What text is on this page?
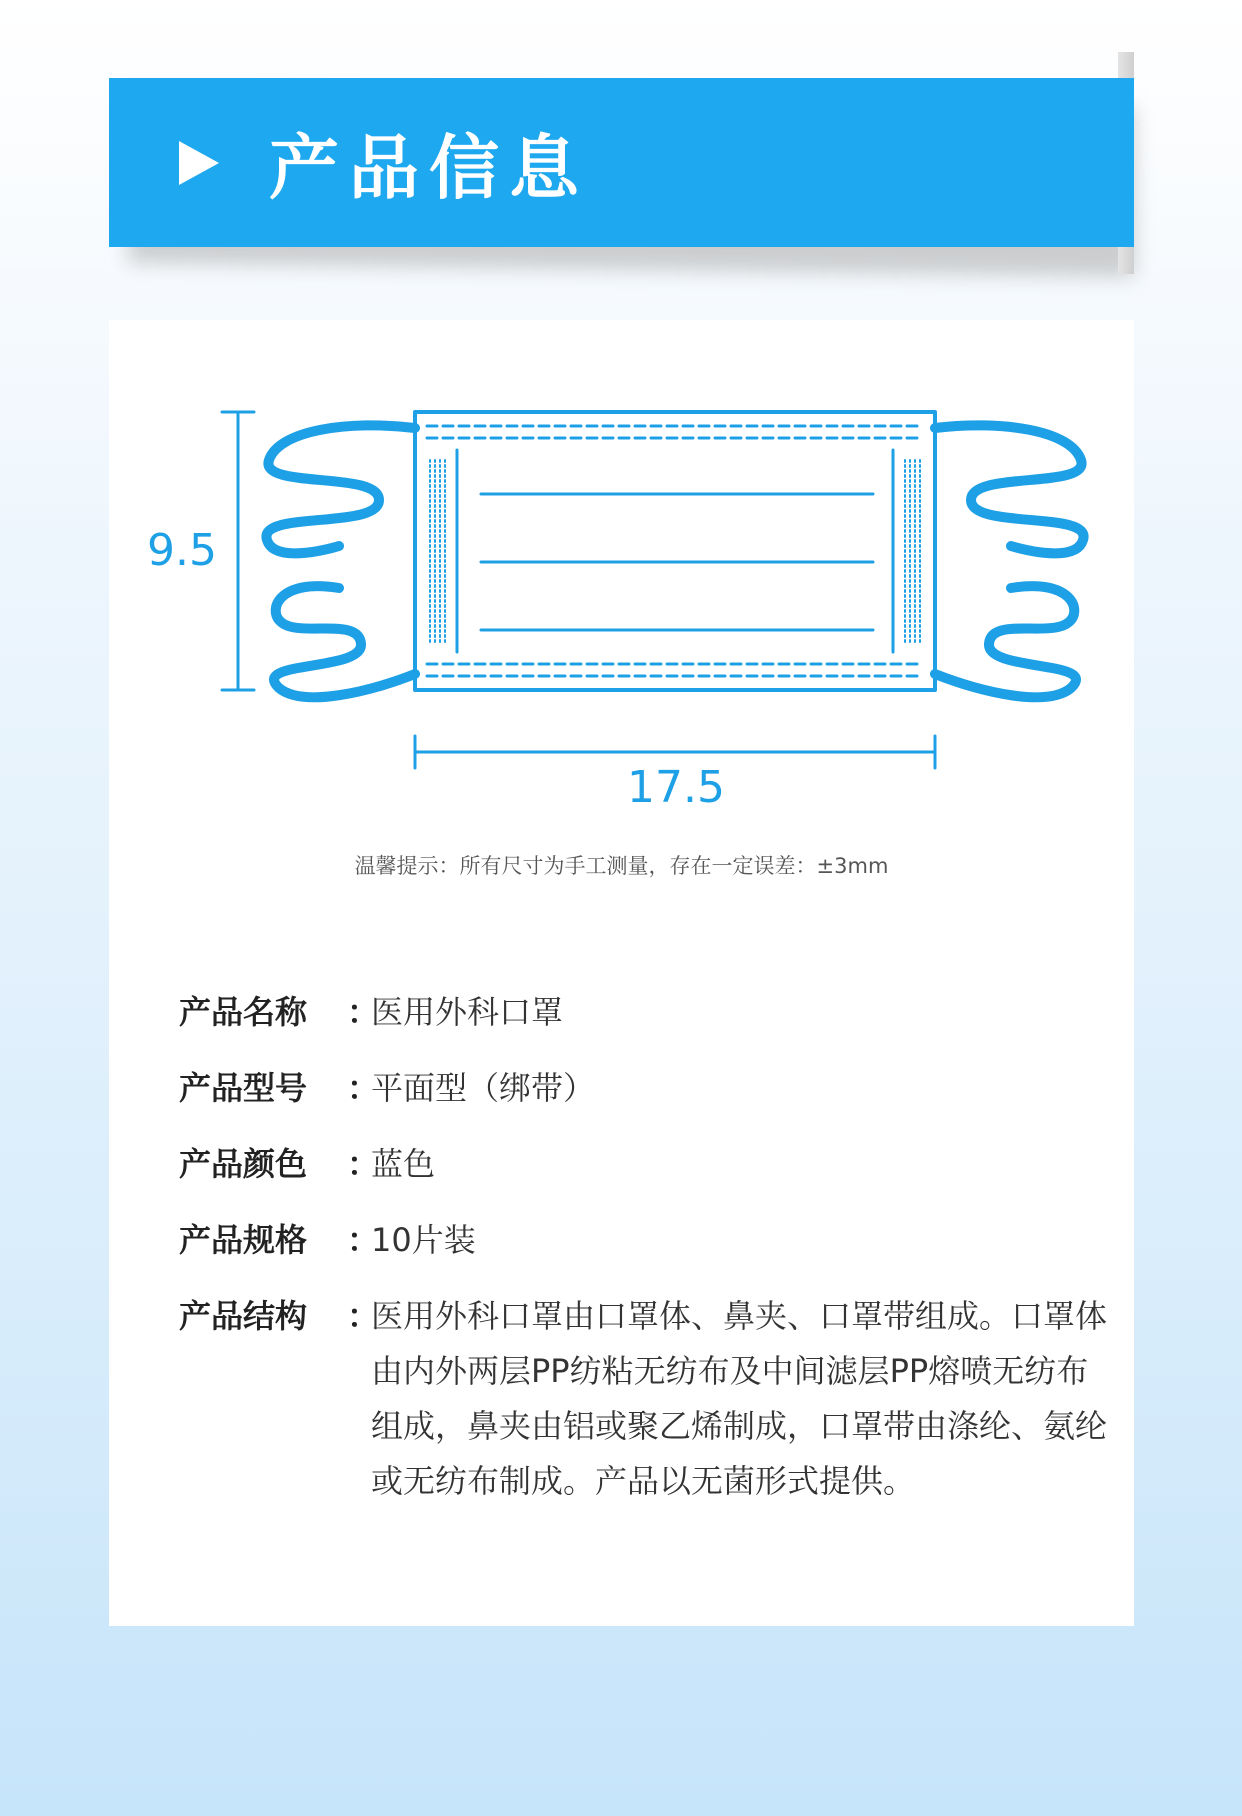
产品信息
9.5
17.5
温馨提示：所有尺寸为手工测量，存在一定误差：±3mm
产品名称	：
医用外科口罩
产品型号	：
平面型（绑带）
产品颜色	：
蓝色
产品规格	：
10片装
产品结构	：
医用外科口罩由口罩体、鼻夹、口罩带组成。口罩体由内外两层PP纺粘无纺布及中间滤层PP熔喷无纺布组成，鼻夹由铝或聚乙烯制成，口罩带由涤纶、氨纶或无纺布制成。产品以无菌形式提供。
